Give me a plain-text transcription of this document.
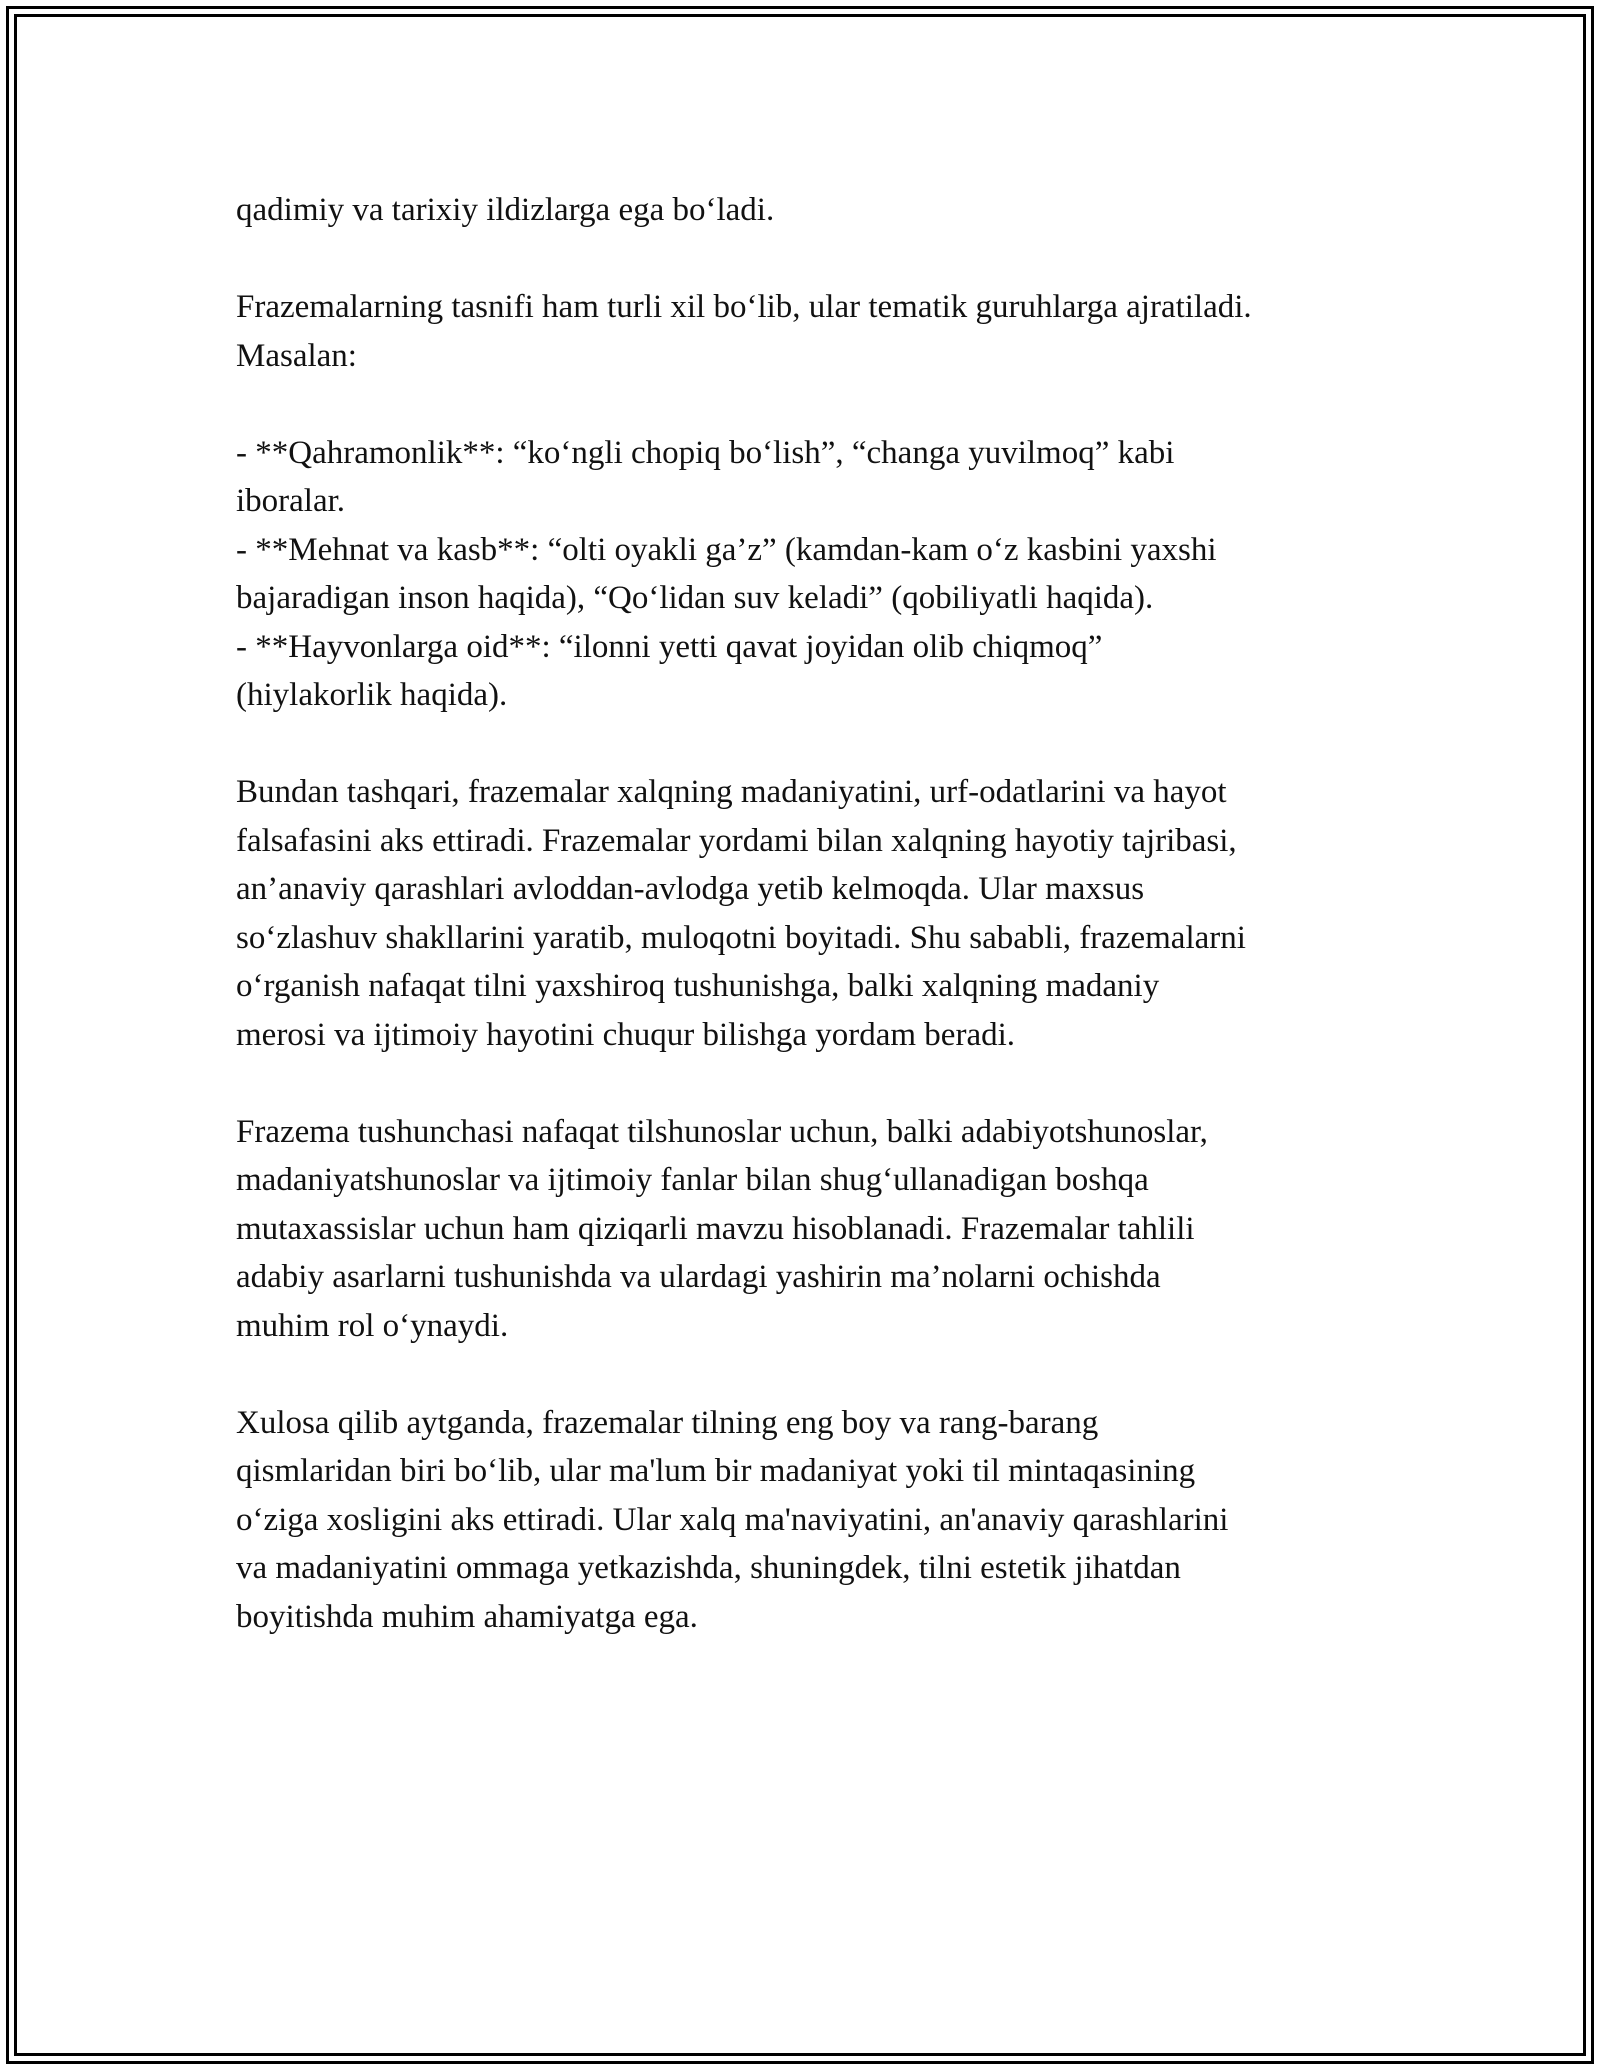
qadimiy va tarixiy ildizlarga ega bo‘ladi.

Frazemalarning tasnifi ham turli xil bo‘lib, ular tematik guruhlarga ajratiladi.
Masalan:

- **Qahramonlik**: “ko‘ngli chopiq bo‘lish”, “changa yuvilmoq” kabi
iboralar.
- **Mehnat va kasb**: “olti oyakli ga’z” (kamdan-kam o‘z kasbini yaxshi
bajaradigan inson haqida), “Qo‘lidan suv keladi” (qobiliyatli haqida).
- **Hayvonlarga oid**: “ilonni yetti qavat joyidan olib chiqmoq”
(hiylakorlik haqida).

Bundan tashqari, frazemalar xalqning madaniyatini, urf-odatlarini va hayot
falsafasini aks ettiradi. Frazemalar yordami bilan xalqning hayotiy tajribasi,
an’anaviy qarashlari avloddan-avlodga yetib kelmoqda. Ular maxsus
so‘zlashuv shakllarini yaratib, muloqotni boyitadi. Shu sababli, frazemalarni
o‘rganish nafaqat tilni yaxshiroq tushunishga, balki xalqning madaniy
merosi va ijtimoiy hayotini chuqur bilishga yordam beradi.

Frazema tushunchasi nafaqat tilshunoslar uchun, balki adabiyotshunoslar,
madaniyatshunoslar va ijtimoiy fanlar bilan shug‘ullanadigan boshqa
mutaxassislar uchun ham qiziqarli mavzu hisoblanadi. Frazemalar tahlili
adabiy asarlarni tushunishda va ulardagi yashirin ma’nolarni ochishda
muhim rol o‘ynaydi.

Xulosa qilib aytganda, frazemalar tilning eng boy va rang-barang
qismlaridan biri bo‘lib, ular ma'lum bir madaniyat yoki til mintaqasining
o‘ziga xosligini aks ettiradi. Ular xalq ma'naviyatini, an'anaviy qarashlarini
va madaniyatini ommaga yetkazishda, shuningdek, tilni estetik jihatdan
boyitishda muhim ahamiyatga ega.
